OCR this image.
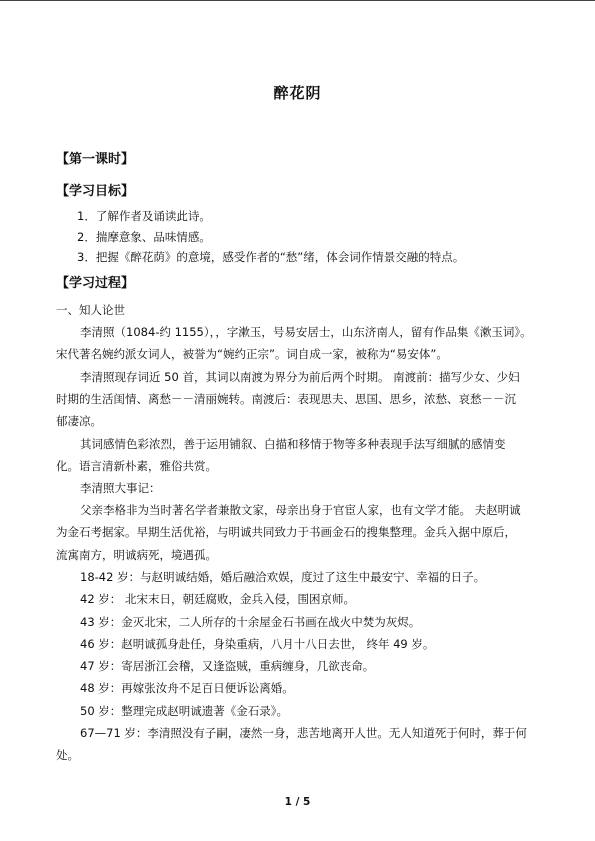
醉花阴
【第一课时】
【学习目标】
1．了解作者及诵读此诗。
2．揣摩意象、品味情感。
3．把握《醉花荫》的意境，感受作者的“愁”绪，体会词作情景交融的特点。
【学习过程】
一、知人论世
李清照（1084-约 1155），，字漱玉，号易安居士，山东济南人，留有作品集《漱玉词》。
宋代著名婉约派女词人，被誉为“婉约正宗”。词自成一家，被称为“易安体”。
李清照现存词近 50 首，其词以南渡为界分为前后两个时期。 南渡前：描写少女、少妇
时期的生活闺情、离愁－－清丽婉转。南渡后：表现思夫、思国、思乡，浓愁、哀愁－－沉
郁凄凉。
其词感情色彩浓烈，善于运用铺叙、白描和移情于物等多种表现手法写细腻的感情变
化。语言清新朴素，雅俗共赏。
李清照大事记：
父亲李格非为当时著名学者兼散文家，母亲出身于官宦人家，也有文学才能。 夫赵明诚
为金石考据家。早期生活优裕，与明诚共同致力于书画金石的搜集整理。金兵入据中原后，
流寓南方，明诚病死，境遇孤。
18-42 岁：与赵明诚结婚，婚后融洽欢娱，度过了这生中最安宁、幸福的日子。
42 岁： 北宋末日，朝廷腐败，金兵入侵，围困京师。
43 岁：金灭北宋，二人所存的十余屋金石书画在战火中焚为灰烬。
46 岁：赵明诚孤身赴任，身染重病，八月十八日去世， 终年 49 岁。
47 岁：寄居浙江会稽，又逢盗贼，重病缠身，几欲丧命。
48 岁：再嫁张汝舟不足百日便诉讼离婚。
50 岁：整理完成赵明诚遗著《金石录》。
67—71 岁：李清照没有子嗣，凄然一身，悲苦地离开人世。无人知道死于何时，葬于何
处。
1 / 5
